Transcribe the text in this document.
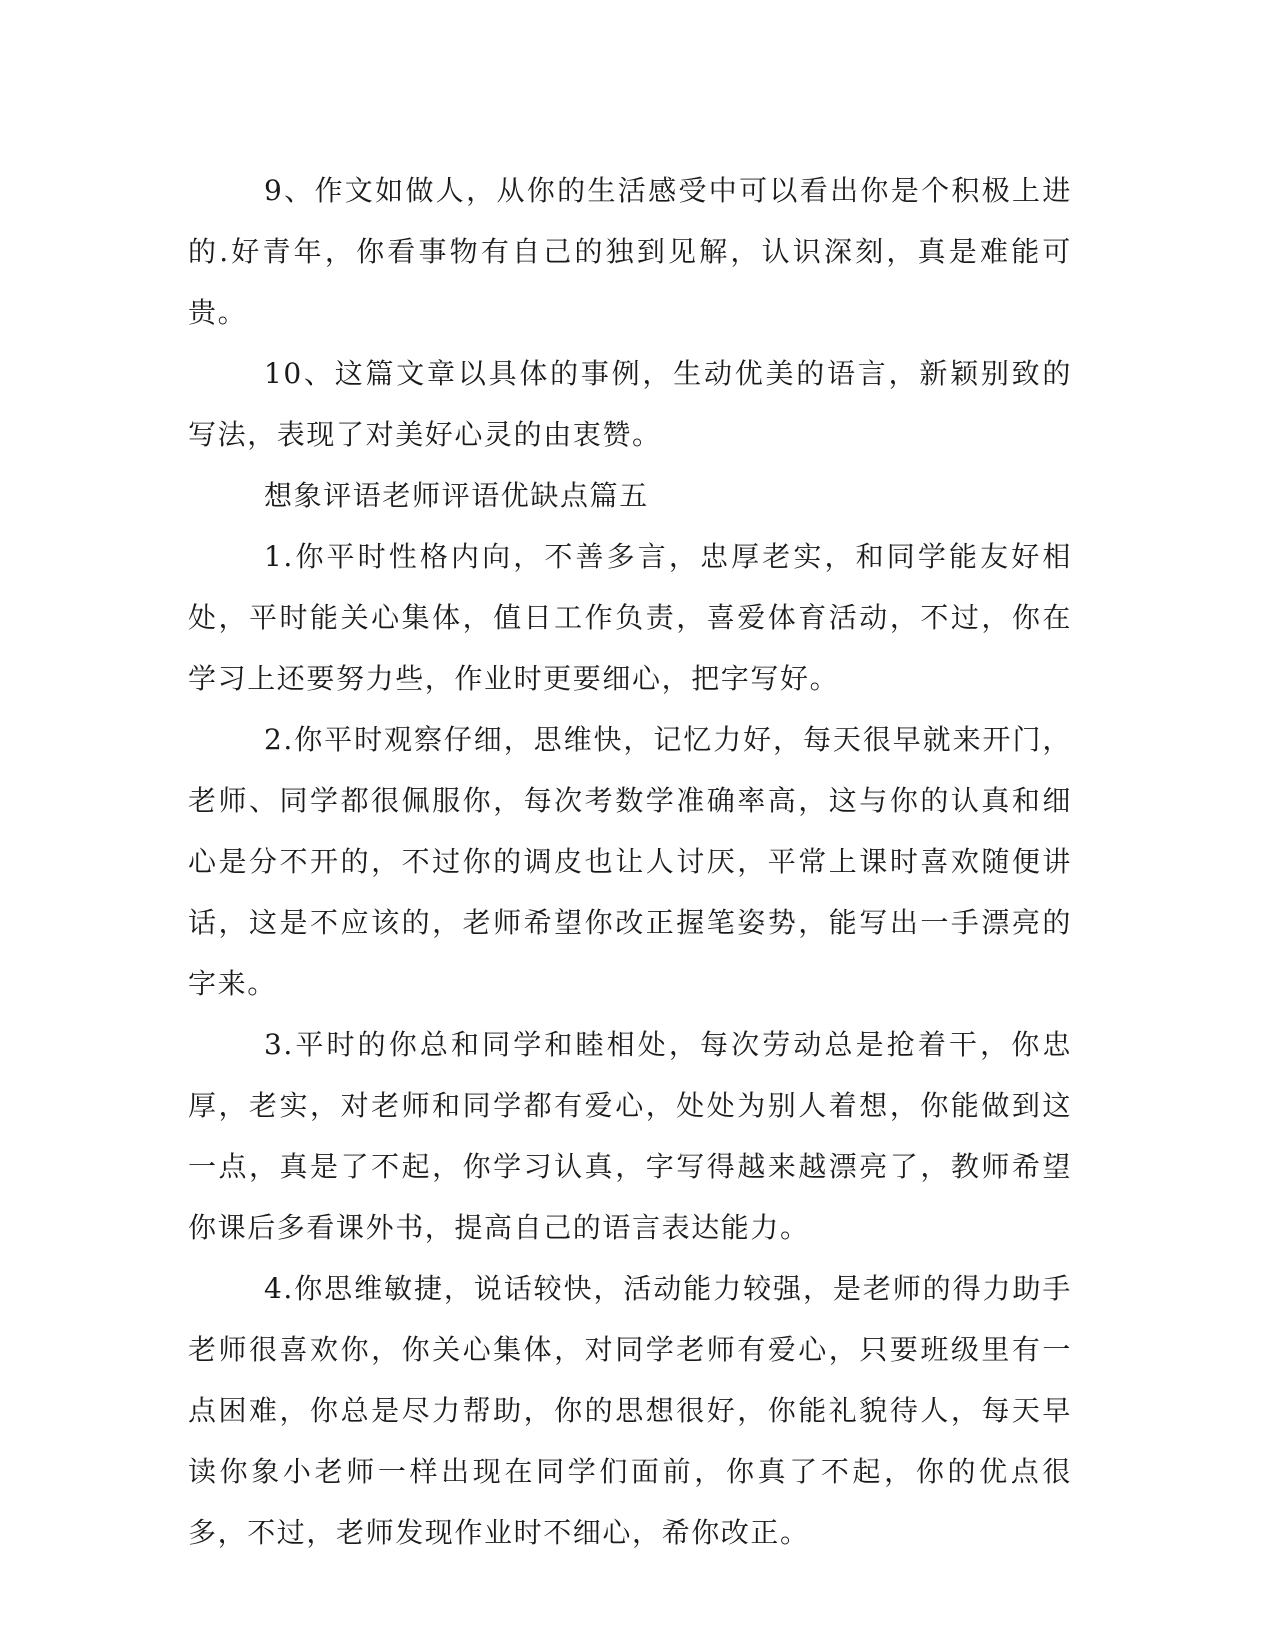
9、作文如做人，从你的生活感受中可以看出你是个积极上进的.好青年，你看事物有自己的独到见解，认识深刻，真是难能可贵。

10、这篇文章以具体的事例，生动优美的语言，新颖别致的写法，表现了对美好心灵的由衷赞。

想象评语老师评语优缺点篇五

1.你平时性格内向，不善多言，忠厚老实，和同学能友好相处，平时能关心集体，值日工作负责，喜爱体育活动，不过，你在学习上还要努力些，作业时更要细心，把字写好。

2.你平时观察仔细，思维快，记忆力好，每天很早就来开门，老师、同学都很佩服你，每次考数学准确率高，这与你的认真和细心是分不开的，不过你的调皮也让人讨厌，平常上课时喜欢随便讲话，这是不应该的，老师希望你改正握笔姿势，能写出一手漂亮的字来。

3.平时的你总和同学和睦相处，每次劳动总是抢着干，你忠厚，老实，对老师和同学都有爱心，处处为别人着想，你能做到这一点，真是了不起，你学习认真，字写得越来越漂亮了，教师希望你课后多看课外书，提高自己的语言表达能力。

4.你思维敏捷，说话较快，活动能力较强，是老师的得力助手老师很喜欢你，你关心集体，对同学老师有爱心，只要班级里有一点困难，你总是尽力帮助，你的思想很好，你能礼貌待人，每天早读你象小老师一样出现在同学们面前，你真了不起，你的优点很多，不过，老师发现作业时不细心，希你改正。
